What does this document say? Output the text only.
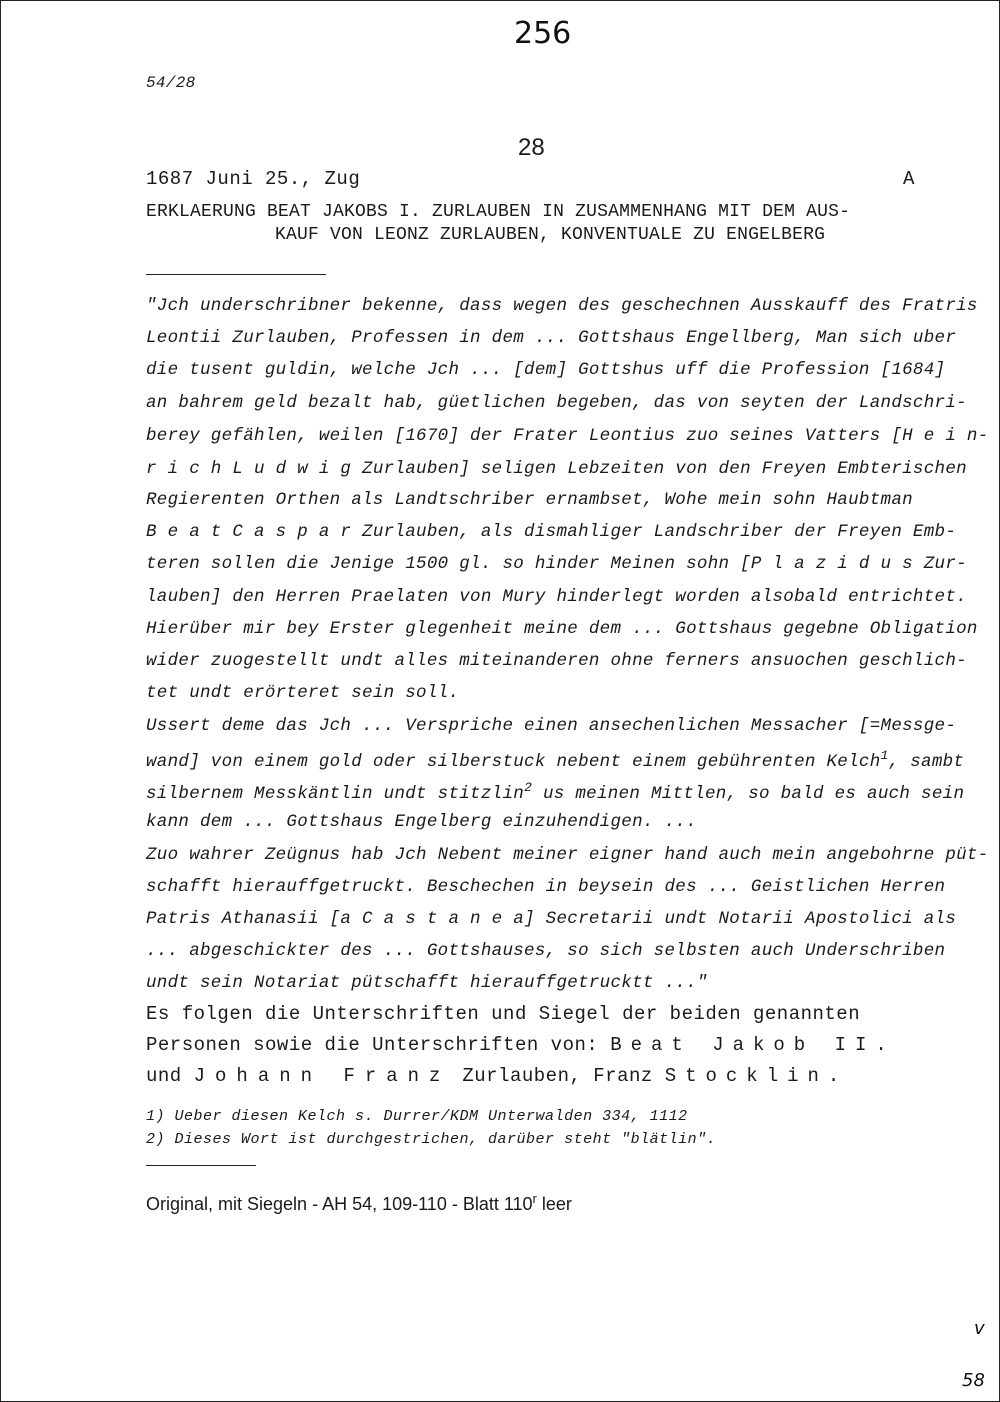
256
54/28
28
1687 Juni 25., Zug	A
ERKLAERUNG BEAT JAKOBS I. ZURLAUBEN IN ZUSAMMENHANG MIT DEM AUS-
KAUF VON LEONZ ZURLAUBEN, KONVENTUALE ZU ENGELBERG
"Jch underschribner bekenne, dass wegen des geschechnen Ausskauff des Fratris
Leontii Zurlauben, Professen in dem ... Gottshaus Engellberg, Man sich uber
die tusent guldin, welche Jch ... [dem] Gottshus uff die Profession [1684]
an bahrem geld bezalt hab, güetlichen begeben, das von seyten der Landschri-
berey gefählen, weilen [1670] der Frater Leontius zuo seines Vatters [H e i n-
r i c h L u d w i g Zurlauben] seligen Lebzeiten von den Freyen Embterischen
Regierenten Orthen als Landtschriber ernambset, Wohe mein sohn Haubtman
B e a t C a s p a r Zurlauben, als dismahliger Landschriber der Freyen Emb-
teren sollen die Jenige 1500 gl. so hinder Meinen sohn [P l a z i d u s Zur-
lauben] den Herren Praelaten von Mury hinderlegt worden alsobald entrichtet.
Hierüber mir bey Erster glegenheit meine dem ... Gottshaus gegebne Obligation
wider zuogestellt undt alles miteinanderen ohne ferners ansuochen geschlich-
tet undt erörteret sein soll.
Ussert deme das Jch ... Verspriche einen ansechenlichen Messacher [=Messge-
wand] von einem gold oder silberstuck nebent einem gebührenten Kelch$^1$, sambt
silbernem Messkäntlin undt stitzlin$^2$ us meinen Mittlen, so bald es auch sein
kann dem ... Gottshaus Engelberg einzuhendigen. ...
Zuo wahrer Zeügnus hab Jch Nebent meiner eigner hand auch mein angebohrne püt-
schafft hierauffgetruckt. Beschechen in beysein des ... Geistlichen Herren
Patris Athanasii [a C a s t a n e a] Secretarii undt Notarii Apostolici als
... abgeschickter des ... Gottshauses, so sich selbsten auch Underschriben
undt sein Notariat pütschafft hierauffgetrucktt ..."
Es folgen die Unterschriften und Siegel der beiden genannten
Personen sowie die Unterschriften von: Beat Jakob II.
und Johann Franz Zurlauben, Franz Stocklin.
1) Ueber diesen Kelch s. Durrer/KDM Unterwalden 334, 1112
2) Dieses Wort ist durchgestrichen, darüber steht "blätlin".
Original, mit Siegeln - AH 54, 109-110 - Blatt 110$^r$ leer
v
58
